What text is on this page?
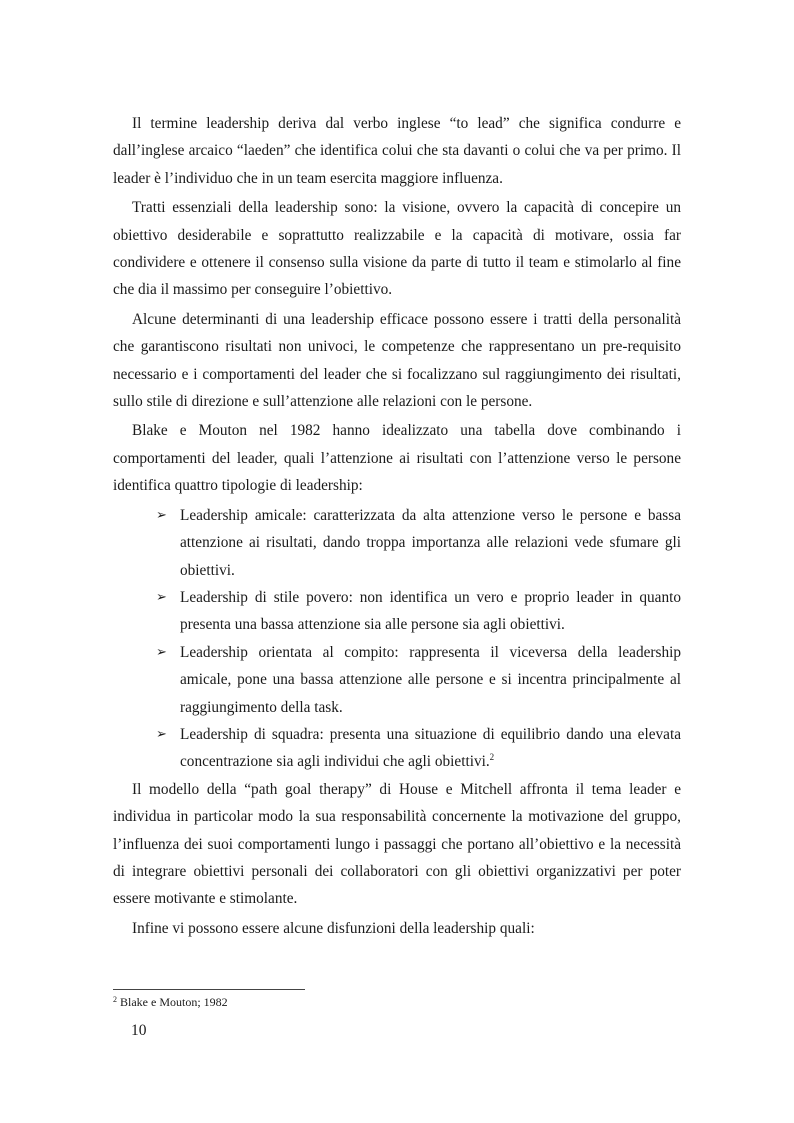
Il termine leadership deriva dal verbo inglese “to lead” che significa condurre e dall’inglese arcaico “laeden” che identifica colui che sta davanti o colui che va per primo. Il leader è l’individuo che in un team esercita maggiore influenza.

Tratti essenziali della leadership sono: la visione, ovvero la capacità di concepire un obiettivo desiderabile e soprattutto realizzabile e la capacità di motivare, ossia far condividere e ottenere il consenso sulla visione da parte di tutto il team e stimolarlo al fine che dia il massimo per conseguire l’obiettivo.

Alcune determinanti di una leadership efficace possono essere i tratti della personalità che garantiscono risultati non univoci, le competenze che rappresentano un pre-requisito necessario e i comportamenti del leader che si focalizzano sul raggiungimento dei risultati, sullo stile di direzione e sull’attenzione alle relazioni con le persone.

Blake e Mouton nel 1982 hanno idealizzato una tabella dove combinando i comportamenti del leader, quali l’attenzione ai risultati con l’attenzione verso le persone identifica quattro tipologie di leadership:

➢ Leadership amicale: caratterizzata da alta attenzione verso le persone e bassa attenzione ai risultati, dando troppa importanza alle relazioni vede sfumare gli obiettivi.
➢ Leadership di stile povero: non identifica un vero e proprio leader in quanto presenta una bassa attenzione sia alle persone sia agli obiettivi.
➢ Leadership orientata al compito: rappresenta il viceversa della leadership amicale, pone una bassa attenzione alle persone e si incentra principalmente al raggiungimento della task.
➢ Leadership di squadra: presenta una situazione di equilibrio dando una elevata concentrazione sia agli individui che agli obiettivi.$^2$

Il modello della “path goal therapy” di House e Mitchell affronta il tema leader e individua in particolar modo la sua responsabilità concernente la motivazione del gruppo, l’influenza dei suoi comportamenti lungo i passaggi che portano all’obiettivo e la necessità di integrare obiettivi personali dei collaboratori con gli obiettivi organizzativi per poter essere motivante e stimolante.

Infine vi possono essere alcune disfunzioni della leadership quali:

$^2$ Blake e Mouton; 1982
10
